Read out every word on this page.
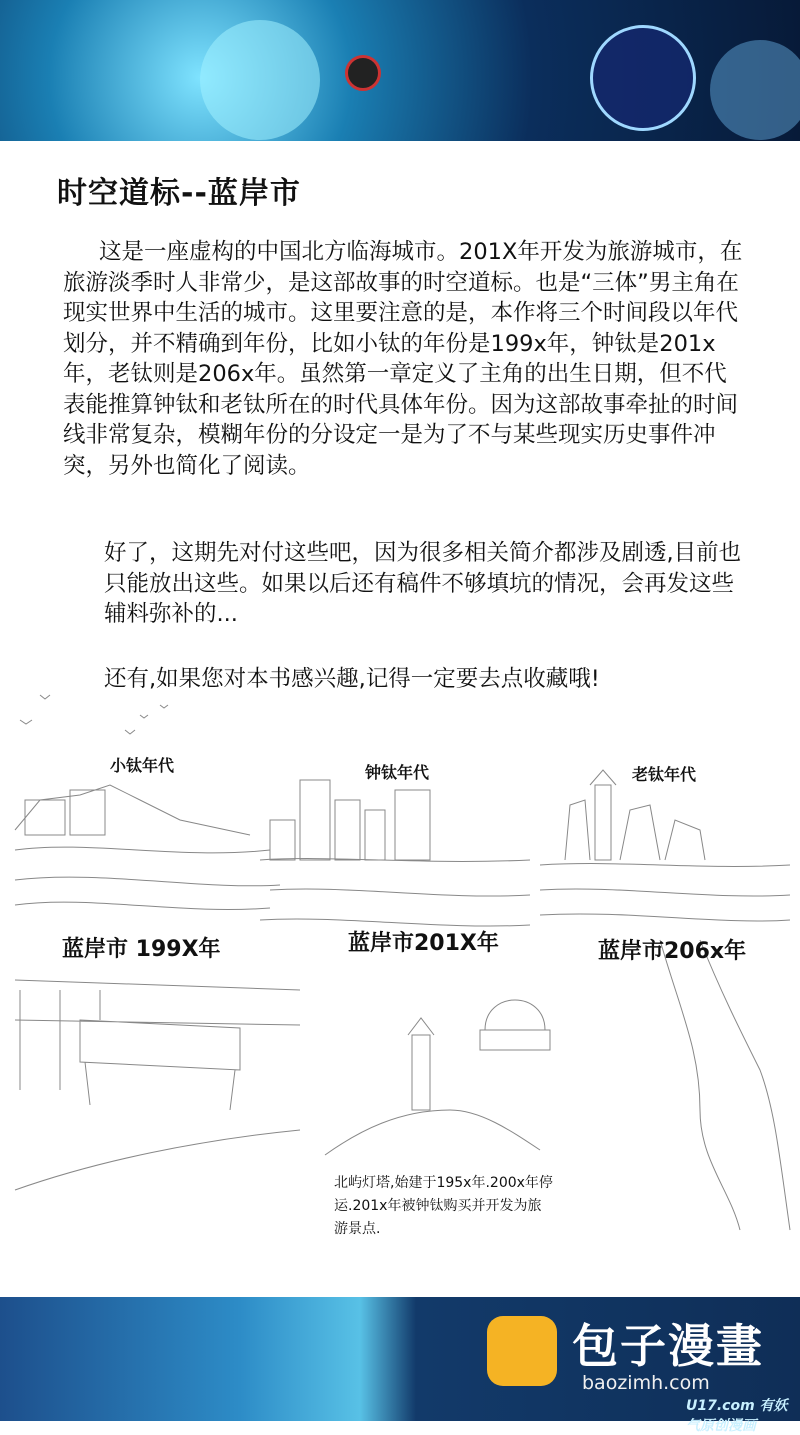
时空道标--蓝岸市

这是一座虚构的中国北方临海城市。201X年开发为旅游城市，在旅游淡季时人非常少，是这部故事的时空道标。也是“三体”男主角在现实世界中生活的城市。这里要注意的是，本作将三个时间段以年代划分，并不精确到年份，比如小钛的年份是199x年，钟钛是201x年，老钛则是206x年。虽然第一章定义了主角的出生日期，但不代表能推算钟钛和老钛所在的时代具体年份。因为这部故事牵扯的时间线非常复杂，模糊年份的分设定一是为了不与某些现实历史事件冲突，另外也简化了阅读。

好了，这期先对付这些吧，因为很多相关简介都涉及剧透,目前也只能放出这些。如果以后还有稿件不够填坑的情况，会再发这些辅料弥补的...

还有,如果您对本书感兴趣,记得一定要去点收藏哦!

小钛年代	钟钛年代	老钛年代
蓝岸市 199X年	蓝岸市201X年	蓝岸市206x年
北屿灯塔,始建于195x年.200x年停运.201x年被钟钛购买并开发为旅游景点.
包子漫畫
baozimh.com
U17.com 有妖气原创漫画
